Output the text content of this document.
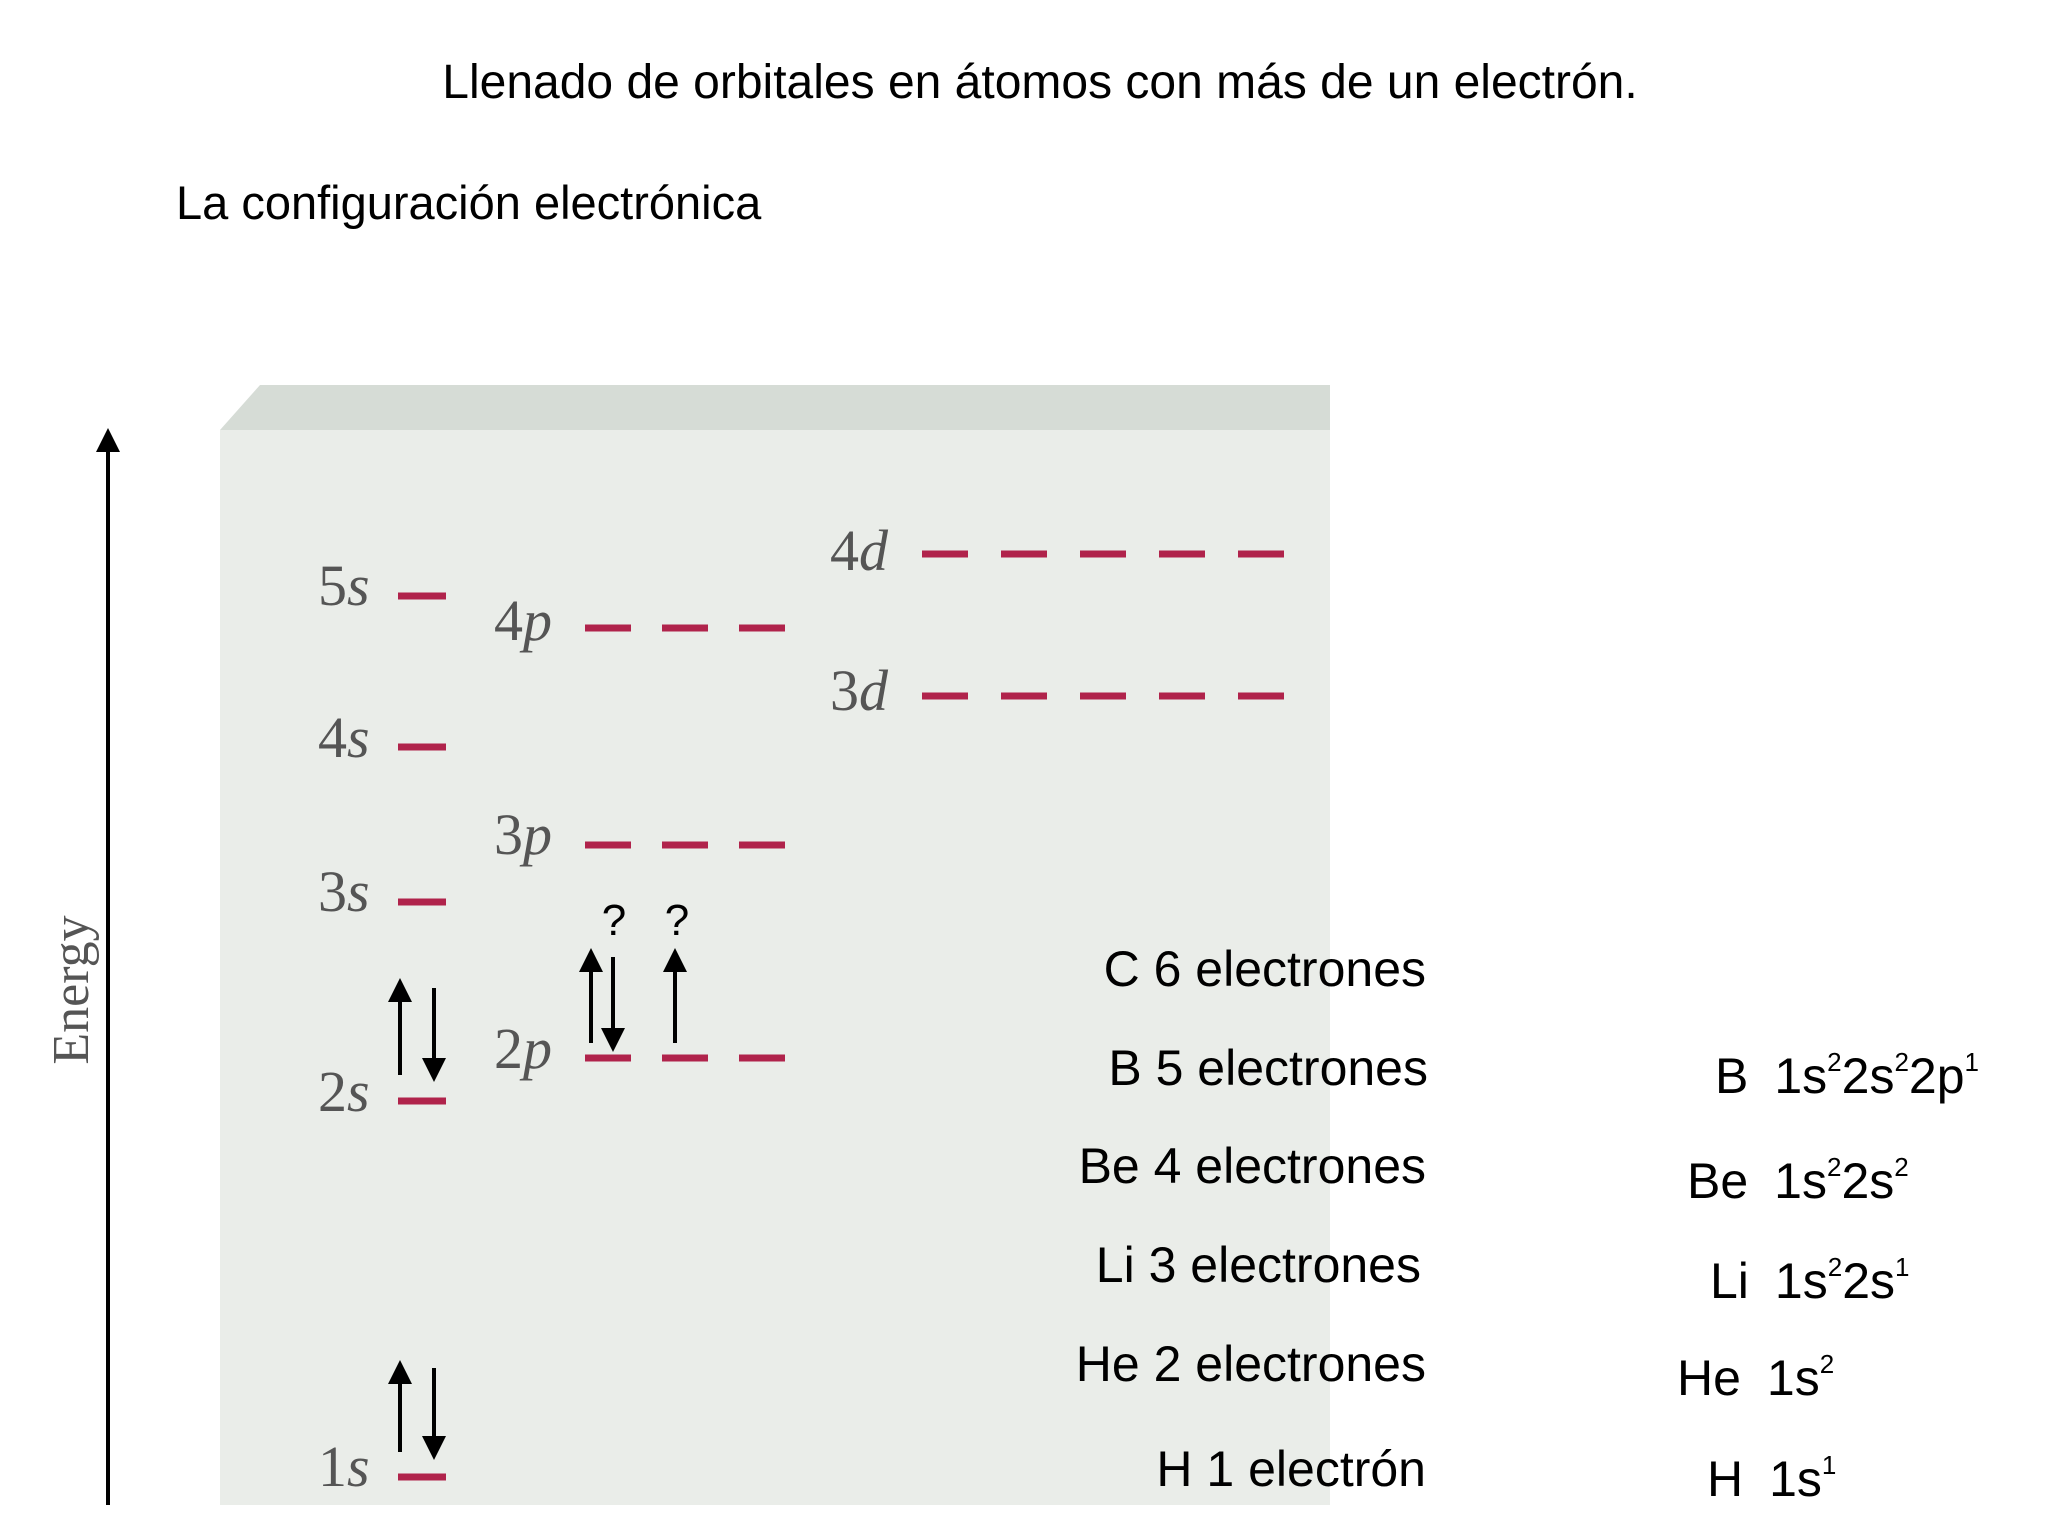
Llenado de orbitales en átomos con más de un electrón.
La configuración electrónica
Energy
1s
2s
3s
4s
5s
2p
3p
4p
3d
4d
? ?
C 6 electrones
B 5 electrones
Be 4 electrones
Li 3 electrones
He 2 electrones
H 1 electrón
B $1s^22s^22p^1$
Be $1s^22s^2$
Li $1s^22s^1$
He $1s^2$
H $1s^1$
